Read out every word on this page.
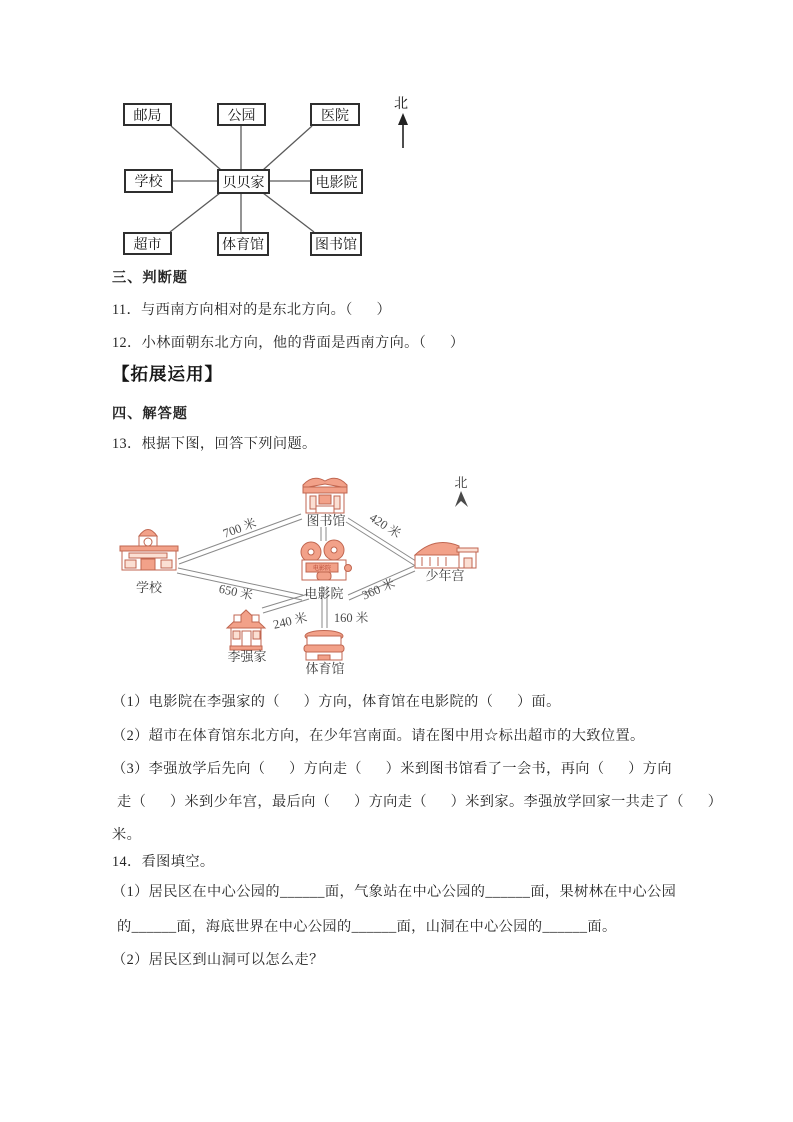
邮局	公园	医院
学校	贝贝家	电影院
超市	体育馆	图书馆
北
三、判断题
11．与西南方向相对的是东北方向。（      ）
12．小林面朝东北方向，他的背面是西南方向。（      ）
【拓展运用】
四、解答题
13．根据下图，回答下列问题。
700 米	420 米
650 米	360 米
240 米 160 米
北
图书馆
学校
电影院
电影院
少年宫
李强家
体育馆
（1）电影院在李强家的（      ）方向，体育馆在电影院的（      ）面。
（2）超市在体育馆东北方向，在少年宫南面。请在图中用☆标出超市的大致位置。
（3）李强放学后先向（      ）方向走（      ）米到图书馆看了一会书，再向（      ）方向
走（      ）米到少年宫，最后向（      ）方向走（      ）米到家。李强放学回家一共走了（      ）
米。
14．看图填空。
（1）居民区在中心公园的______面，气象站在中心公园的______面，果树林在中心公园
的______面，海底世界在中心公园的______面，山洞在中心公园的______面。
（2）居民区到山洞可以怎么走？
